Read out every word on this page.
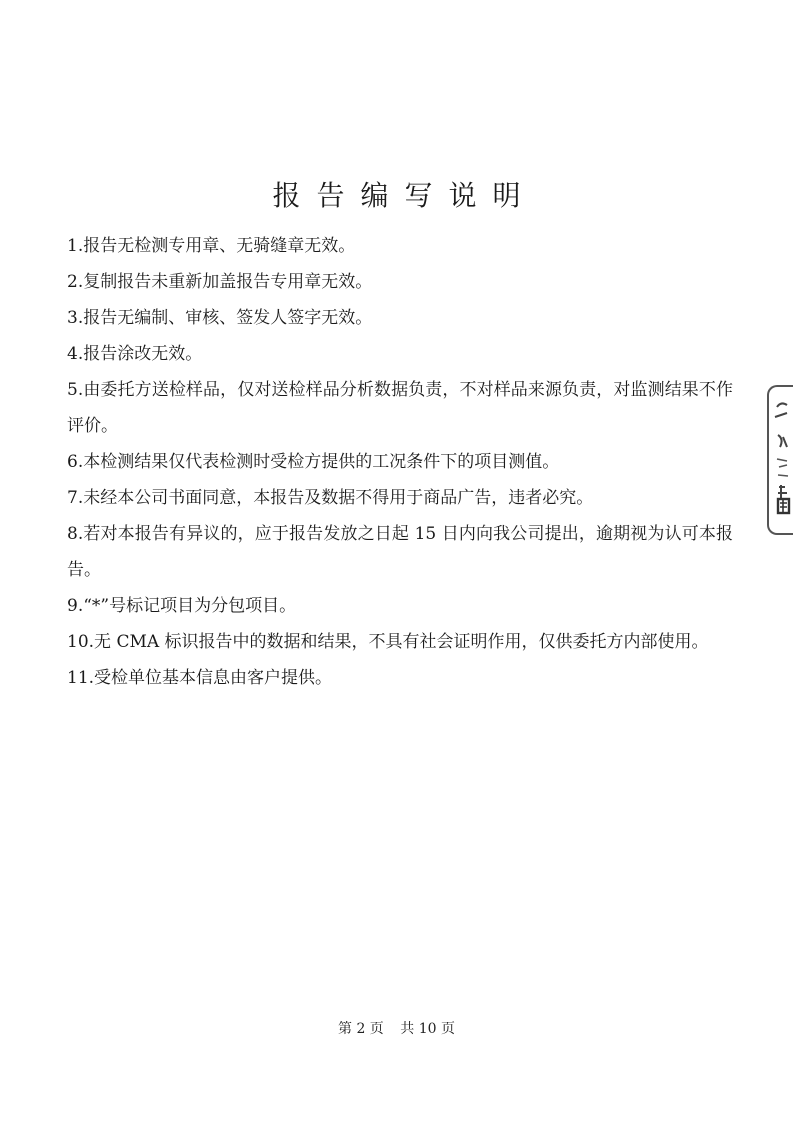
报告编写说明
1.报告无检测专用章、无骑缝章无效。
2.复制报告未重新加盖报告专用章无效。
3.报告无编制、审核、签发人签字无效。
4.报告涂改无效。
5.由委托方送检样品，仅对送检样品分析数据负责，不对样品来源负责，对监测结果不作评价。
6.本检测结果仅代表检测时受检方提供的工况条件下的项目测值。
7.未经本公司书面同意，本报告及数据不得用于商品广告，违者必究。
8.若对本报告有异议的，应于报告发放之日起 15 日内向我公司提出，逾期视为认可本报告。
9.“*”号标记项目为分包项目。
10.无 CMA 标识报告中的数据和结果，不具有社会证明作用，仅供委托方内部使用。
11.受检单位基本信息由客户提供。
第 2 页 共 10 页
